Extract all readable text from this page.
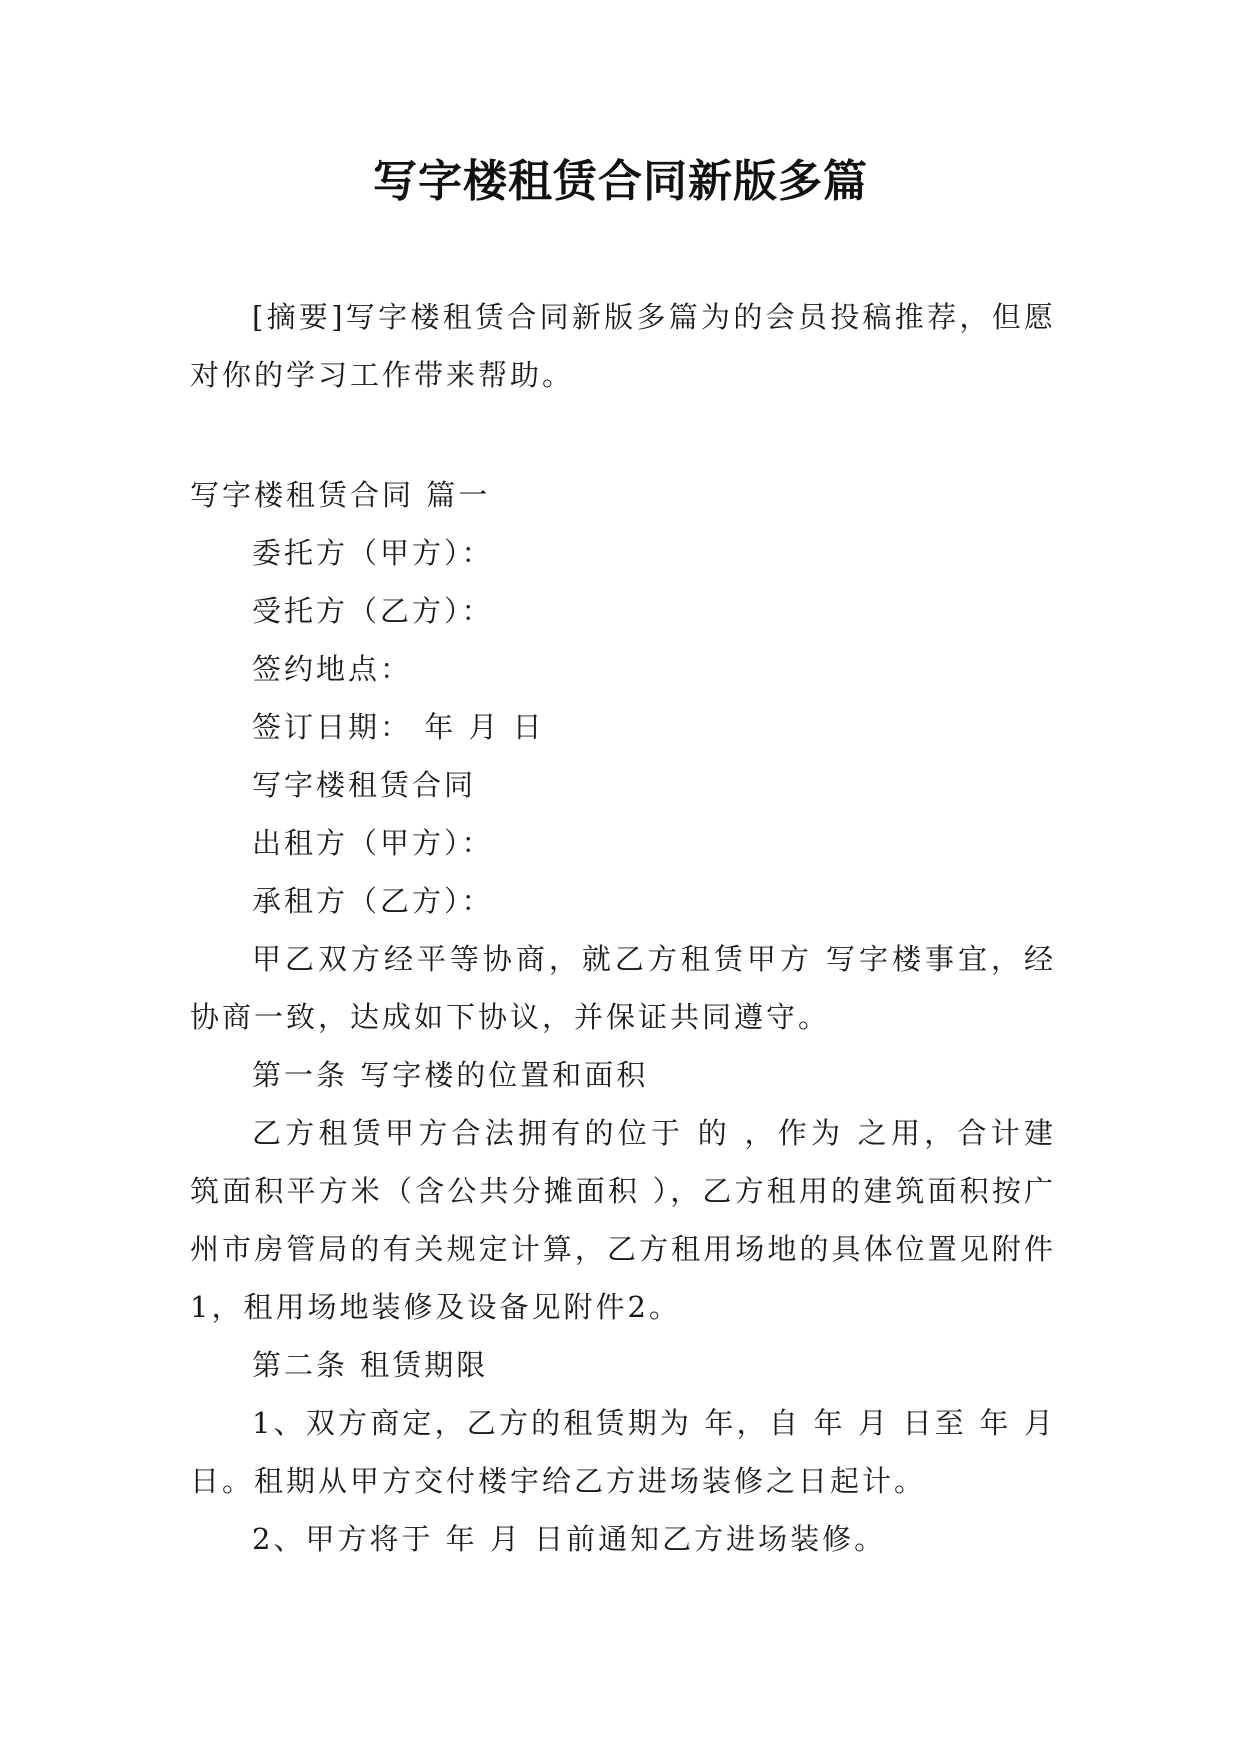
写字楼租赁合同新版多篇

[摘要]写字楼租赁合同新版多篇为的会员投稿推荐，但愿对你的学习工作带来帮助。

写字楼租赁合同 篇一

委托方（甲方）：

受托方（乙方）：

签约地点：

签订日期： 年 月 日

写字楼租赁合同

出租方（甲方）：

承租方（乙方）：

甲乙双方经平等协商，就乙方租赁甲方 写字楼事宜，经协商一致，达成如下协议，并保证共同遵守。

第一条 写字楼的位置和面积

乙方租赁甲方合法拥有的位于 的 ，作为 之用，合计建筑面积平方米（含公共分摊面积 ），乙方租用的建筑面积按广州市房管局的有关规定计算，乙方租用场地的具体位置见附件1，租用场地装修及设备见附件2。

第二条 租赁期限

1、双方商定，乙方的租赁期为 年，自 年 月 日至 年 月 日。租期从甲方交付楼宇给乙方进场装修之日起计。

2、甲方将于 年 月 日前通知乙方进场装修。
